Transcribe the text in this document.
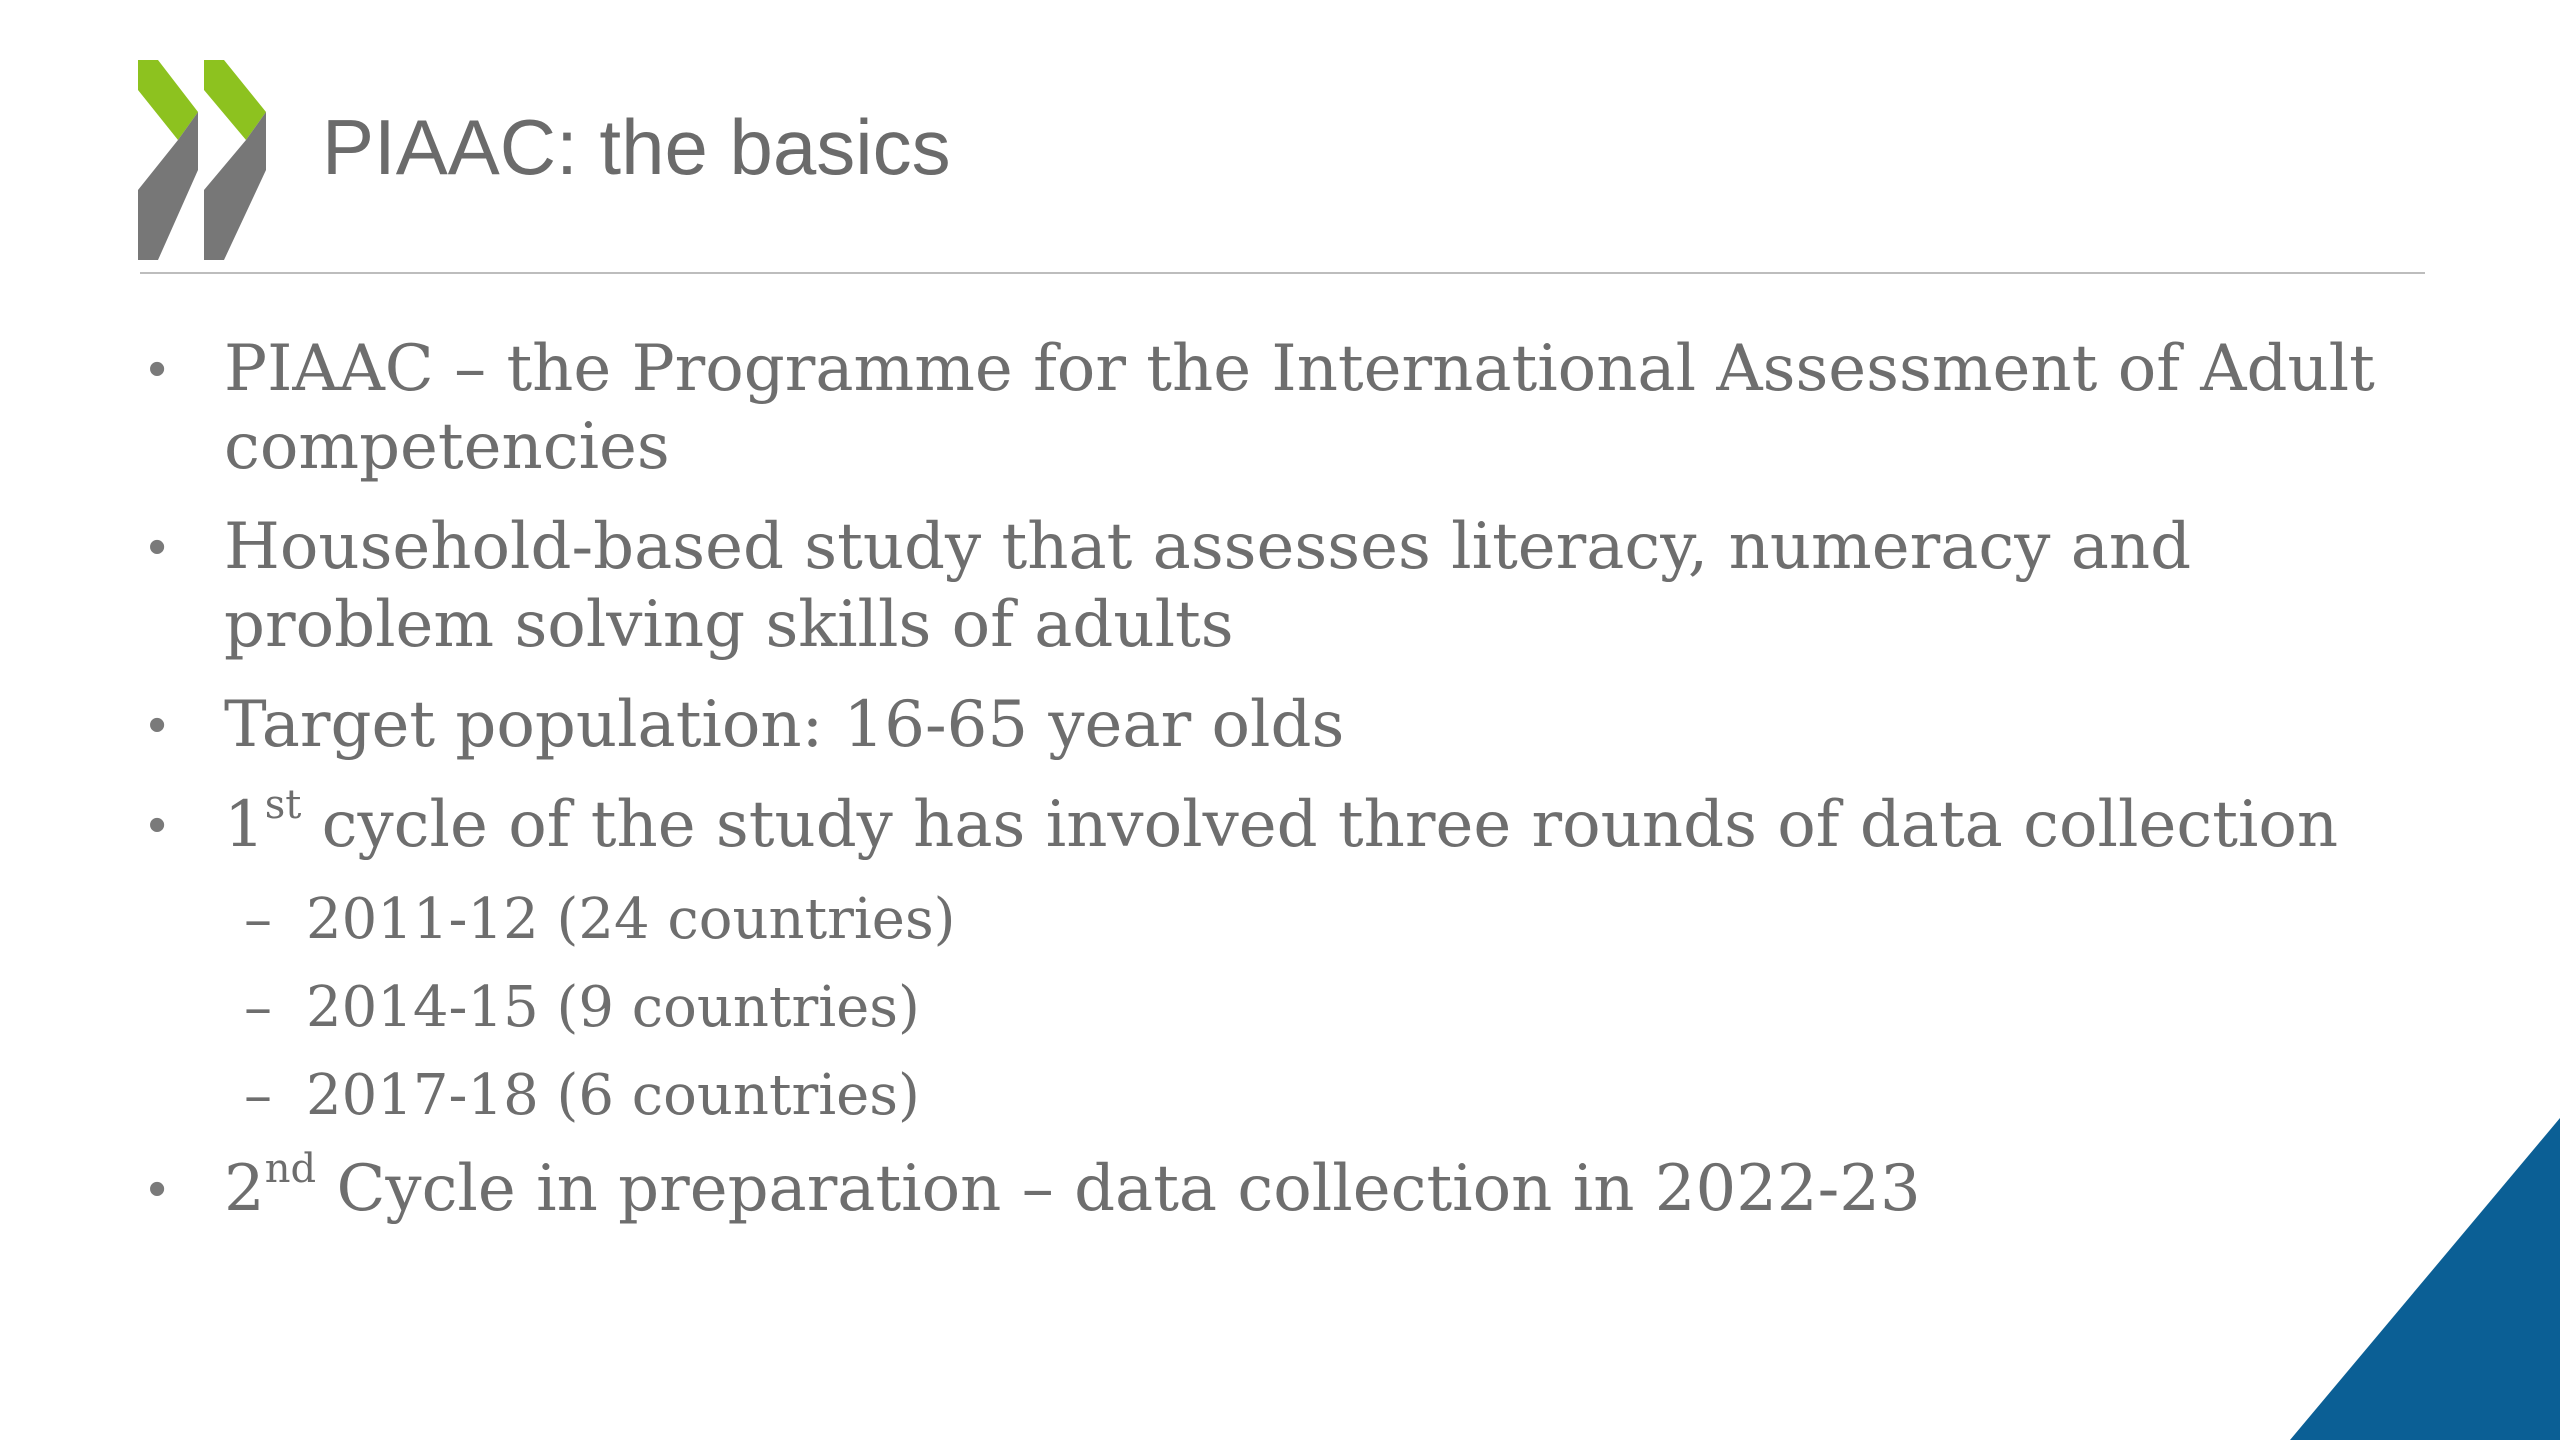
PIAAC: the basics
• PIAAC – the Programme for the International Assessment of Adult competencies
• Household-based study that assesses literacy, numeracy and problem solving skills of adults
• Target population: 16-65 year olds
• 1st cycle of the study has involved three rounds of data collection
– 2011-12 (24 countries)
– 2014-15 (9 countries)
– 2017-18 (6 countries)
• 2nd Cycle in preparation – data collection in 2022-23
